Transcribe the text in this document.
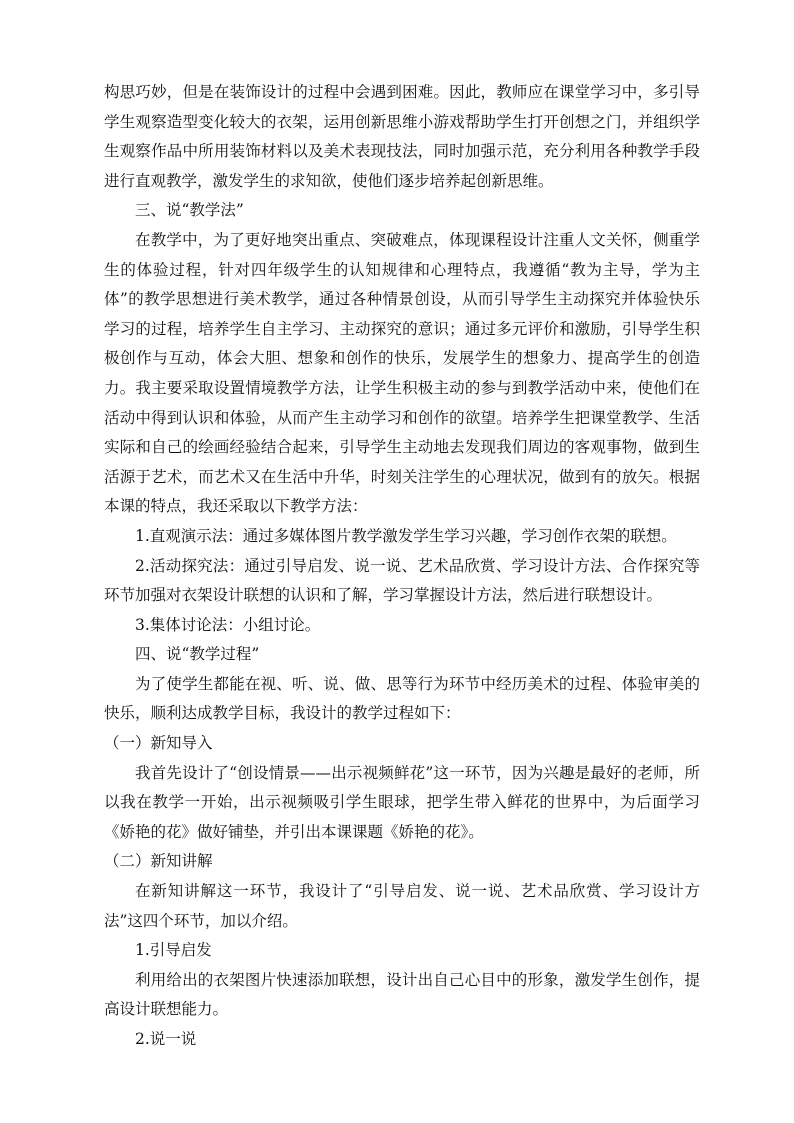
构思巧妙，但是在装饰设计的过程中会遇到困难。因此，教师应在课堂学习中，多引导学生观察造型变化较大的衣架，运用创新思维小游戏帮助学生打开创想之门，并组织学生观察作品中所用装饰材料以及美术表现技法，同时加强示范，充分利用各种教学手段进行直观教学，激发学生的求知欲，使他们逐步培养起创新思维。

三、说“教学法”

在教学中，为了更好地突出重点、突破难点，体现课程设计注重人文关怀，侧重学生的体验过程，针对四年级学生的认知规律和心理特点，我遵循“教为主导，学为主体”的教学思想进行美术教学，通过各种情景创设，从而引导学生主动探究并体验快乐学习的过程，培养学生自主学习、主动探究的意识；通过多元评价和激励，引导学生积极创作与互动，体会大胆、想象和创作的快乐，发展学生的想象力、提高学生的创造力。我主要采取设置情境教学方法，让学生积极主动的参与到教学活动中来，使他们在活动中得到认识和体验，从而产生主动学习和创作的欲望。培养学生把课堂教学、生活实际和自己的绘画经验结合起来，引导学生主动地去发现我们周边的客观事物，做到生活源于艺术，而艺术又在生活中升华，时刻关注学生的心理状况，做到有的放矢。根据本课的特点，我还采取以下教学方法：

1.直观演示法：通过多媒体图片教学激发学生学习兴趣，学习创作衣架的联想。

2.活动探究法：通过引导启发、说一说、艺术品欣赏、学习设计方法、合作探究等环节加强对衣架设计联想的认识和了解，学习掌握设计方法，然后进行联想设计。

3.集体讨论法：小组讨论。

四、说“教学过程”

为了使学生都能在视、听、说、做、思等行为环节中经历美术的过程、体验审美的快乐，顺利达成教学目标，我设计的教学过程如下：

（一）新知导入

我首先设计了“创设情景——出示视频鲜花”这一环节，因为兴趣是最好的老师，所以我在教学一开始，出示视频吸引学生眼球，把学生带入鲜花的世界中，为后面学习《娇艳的花》做好铺垫，并引出本课课题《娇艳的花》。

（二）新知讲解

在新知讲解这一环节，我设计了“引导启发、说一说、艺术品欣赏、学习设计方法”这四个环节，加以介绍。

1.引导启发

利用给出的衣架图片快速添加联想，设计出自己心目中的形象，激发学生创作，提高设计联想能力。

2.说一说
